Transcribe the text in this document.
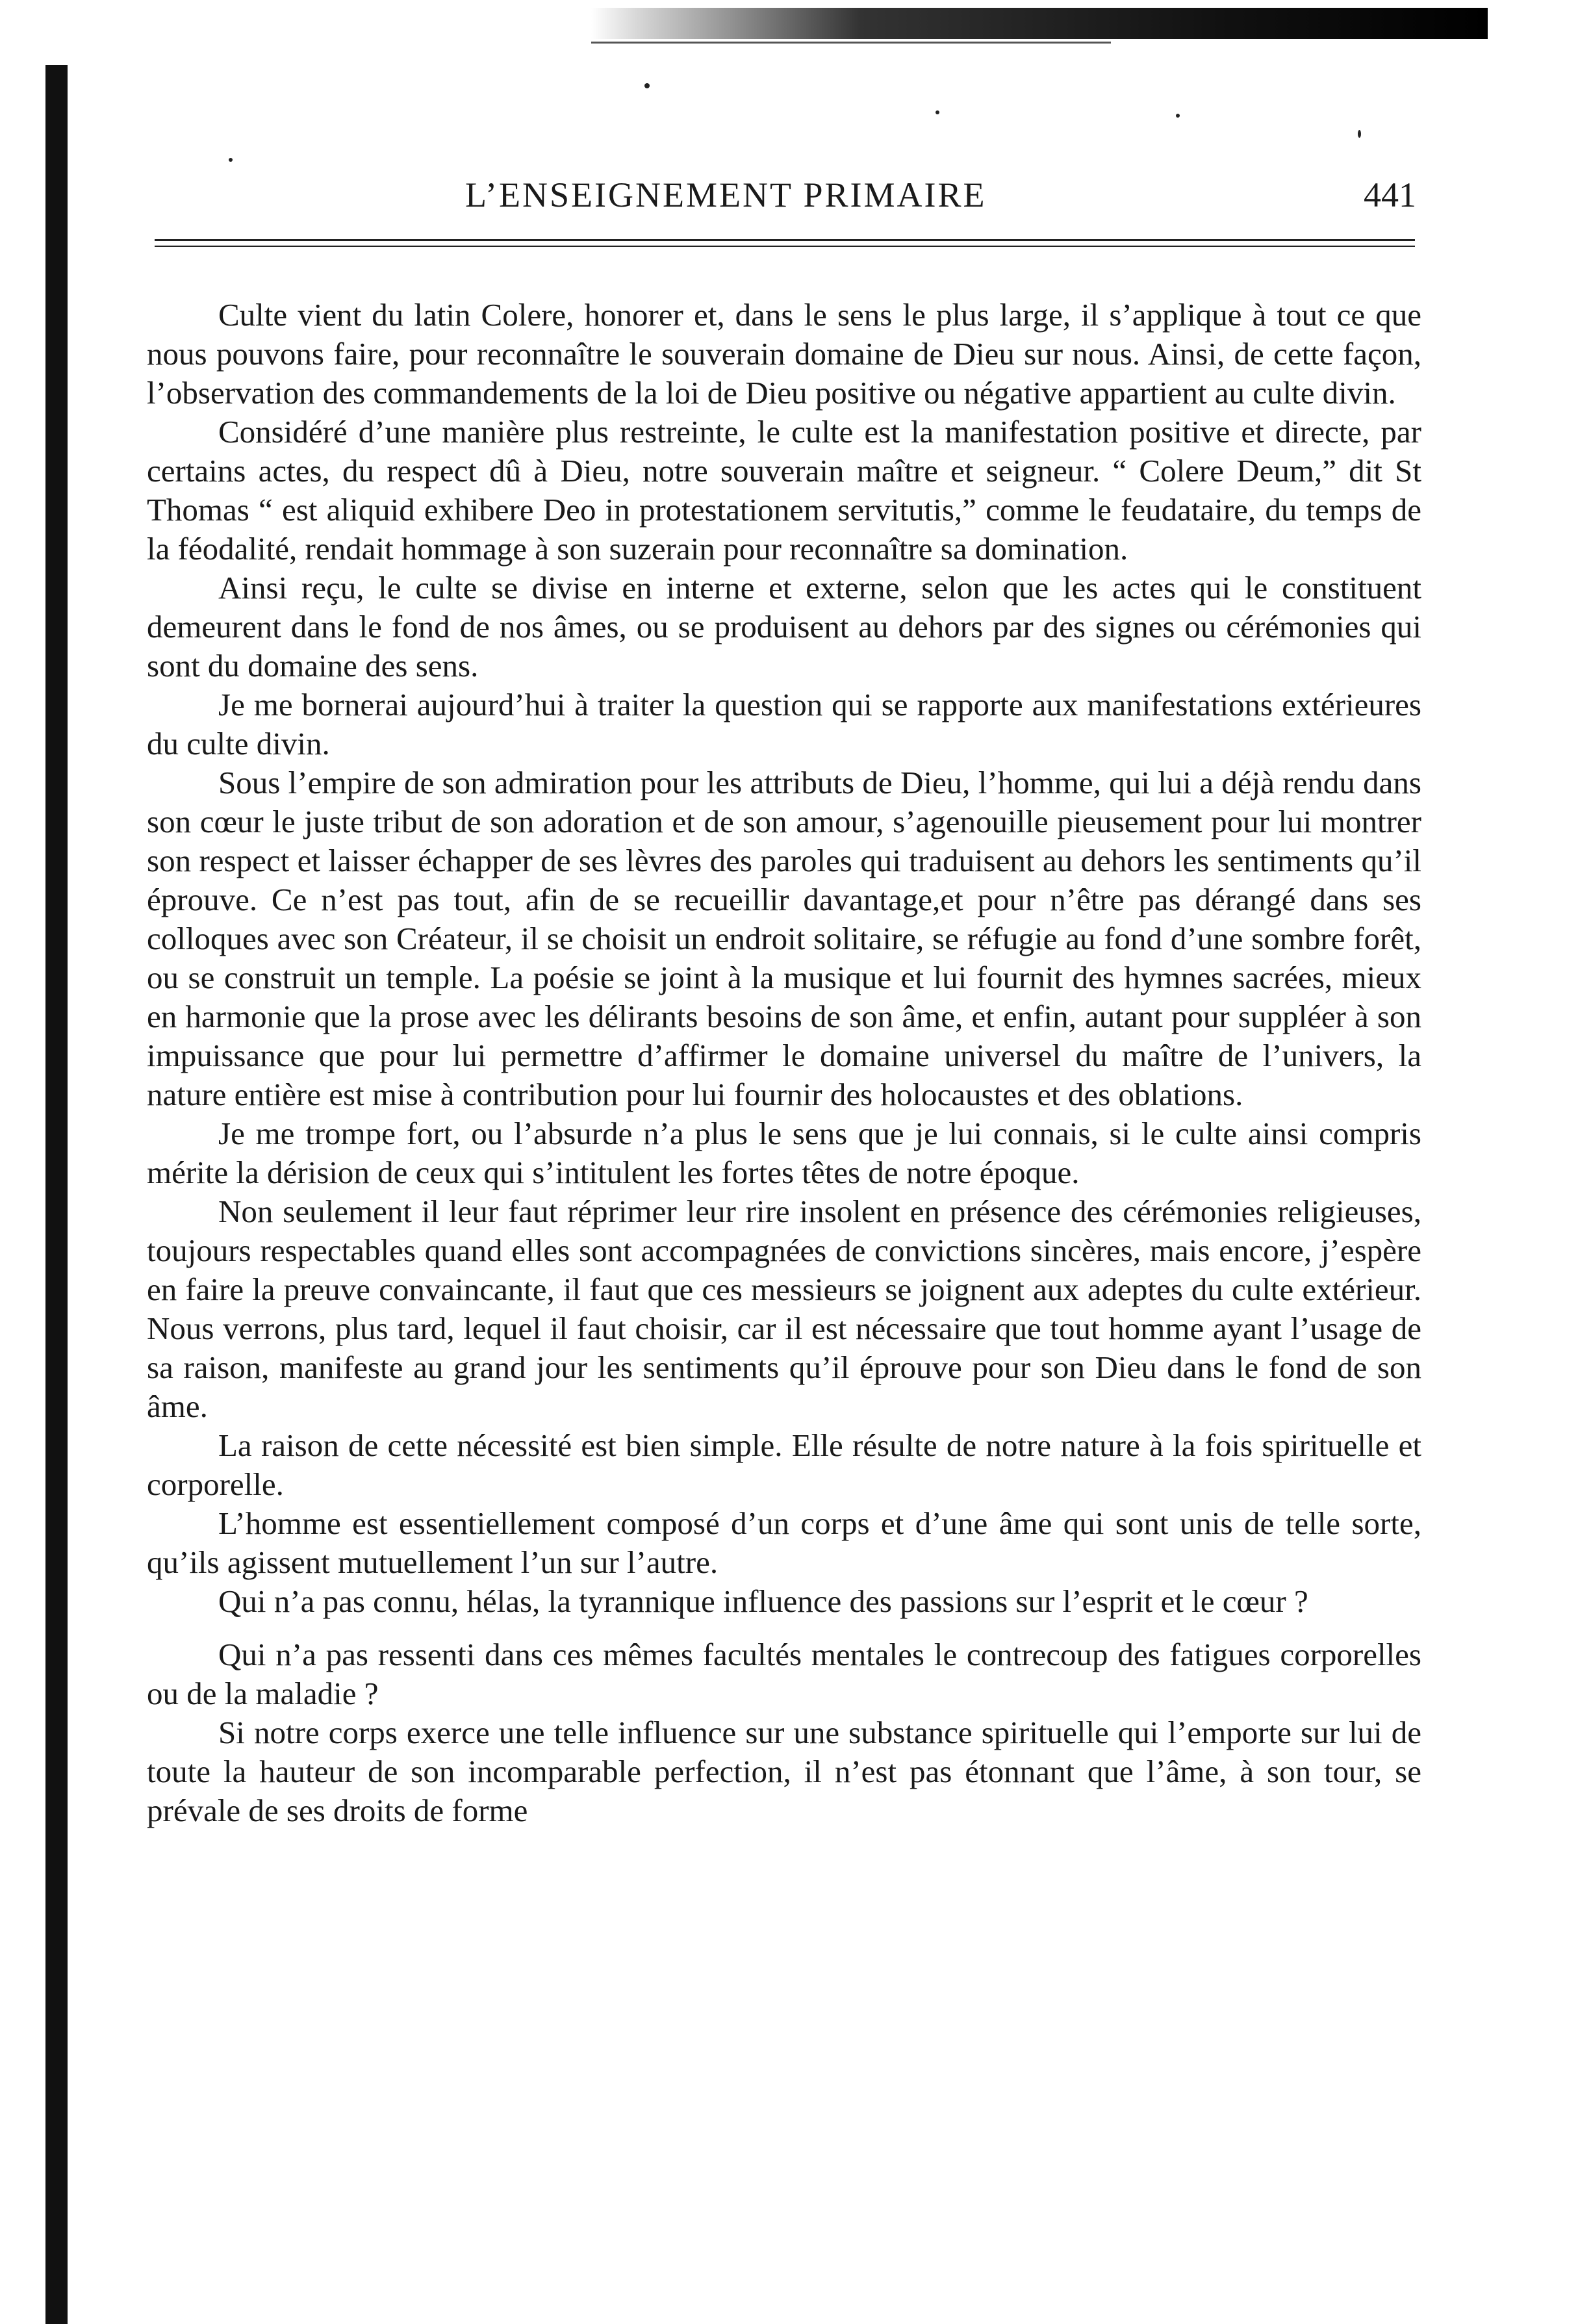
L’ENSEIGNEMENT PRIMAIRE	441

Culte vient du latin Colere, honorer et, dans le sens le plus large, il s’applique à tout ce que nous pouvons faire, pour reconnaître le souverain domaine de Dieu sur nous. Ainsi, de cette façon, l’observation des commandements de la loi de Dieu positive ou négative appartient au culte divin.

Considéré d’une manière plus restreinte, le culte est la manifestation positive et directe, par certains actes, du respect dû à Dieu, notre souverain maître et seigneur. “ Colere Deum,” dit St Thomas “ est aliquid exhibere Deo in protestationem servitutis,” comme le feudataire, du temps de la féodalité, rendait hommage à son suzerain pour reconnaître sa domination.

Ainsi reçu, le culte se divise en interne et externe, selon que les actes qui le constituent demeurent dans le fond de nos âmes, ou se produisent au dehors par des signes ou cérémonies qui sont du domaine des sens.

Je me bornerai aujourd’hui à traiter la question qui se rapporte aux manifestations extérieures du culte divin.

Sous l’empire de son admiration pour les attributs de Dieu, l’homme, qui lui a déjà rendu dans son cœur le juste tribut de son adoration et de son amour, s’agenouille pieusement pour lui montrer son respect et laisser échapper de ses lèvres des paroles qui traduisent au dehors les sentiments qu’il éprouve. Ce n’est pas tout, afin de se recueillir davantage,et pour n’être pas dérangé dans ses colloques avec son Créateur, il se choisit un endroit solitaire, se réfugie au fond d’une sombre forêt, ou se construit un temple. La poésie se joint à la musique et lui fournit des hymnes sacrées, mieux en harmonie que la prose avec les délirants besoins de son âme, et enfin, autant pour suppléer à son impuissance que pour lui permettre d’affirmer le domaine universel du maître de l’univers, la nature entière est mise à contribution pour lui fournir des holocaustes et des oblations.

Je me trompe fort, ou l’absurde n’a plus le sens que je lui connais, si le culte ainsi compris mérite la dérision de ceux qui s’intitulent les fortes têtes de notre époque.

Non seulement il leur faut réprimer leur rire insolent en présence des cérémonies religieuses, toujours respectables quand elles sont accompagnées de convictions sincères, mais encore, j’espère en faire la preuve convaincante, il faut que ces messieurs se joignent aux adeptes du culte extérieur. Nous verrons, plus tard, lequel il faut choisir, car il est nécessaire que tout homme ayant l’usage de sa raison, manifeste au grand jour les sentiments qu’il éprouve pour son Dieu dans le fond de son âme.

La raison de cette nécessité est bien simple. Elle résulte de notre nature à la fois spirituelle et corporelle.

L’homme est essentiellement composé d’un corps et d’une âme qui sont unis de telle sorte, qu’ils agissent mutuellement l’un sur l’autre.

Qui n’a pas connu, hélas, la tyrannique influence des passions sur l’esprit et le cœur ?

Qui n’a pas ressenti dans ces mêmes facultés mentales le contrecoup des fatigues corporelles ou de la maladie ?

Si notre corps exerce une telle influence sur une substance spirituelle qui l’emporte sur lui de toute la hauteur de son incomparable perfection, il n’est pas étonnant que l’âme, à son tour, se prévale de ses droits de forme
